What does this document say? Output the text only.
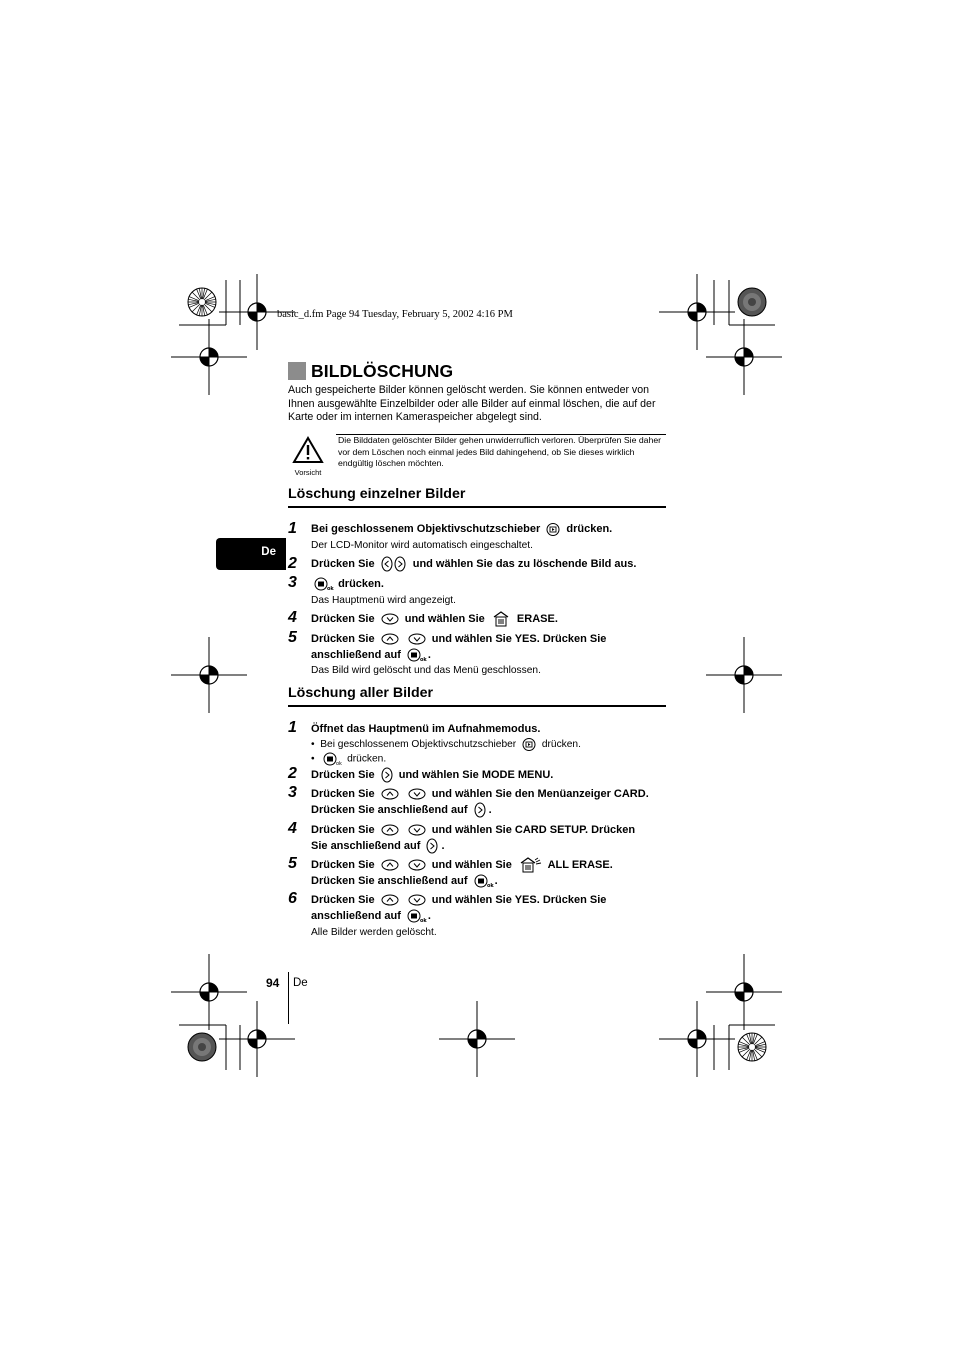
basic_d.fm Page 94 Tuesday, February 5, 2002 4:16 PM
BILDLÖSCHUNG
Auch gespeicherte Bilder können gelöscht werden. Sie können entweder von Ihnen ausgewählte Einzelbilder oder alle Bilder auf einmal löschen, die auf der Karte oder im internen Kameraspeicher abgelegt sind.
Vorsicht
Die Bilddaten gelöschter Bilder gehen unwiderruflich verloren. Überprüfen Sie daher vor dem Löschen noch einmal jedes Bild dahingehend, ob Sie dieses wirklich endgültig löschen möchten.
De
Löschung einzelner Bilder
1 Bei geschlossenem Objektivschutzschieber drücken.
Der LCD-Monitor wird automatisch eingeschaltet.
2 Drücken Sie	und wählen Sie das zu löschende Bild aus.
3	ok drücken.
Das Hauptmenü wird angezeigt.
4 Drücken Sie	und wählen Sie	ERASE.
5 Drücken Sie	und wählen Sie YES. Drücken Sie
anschließend auf	ok .
Das Bild wird gelöscht und das Menü geschlossen.
Löschung aller Bilder
1 Öffnet das Hauptmenü im Aufnahmemodus.
• Bei geschlossenem Objektivschutzschieber	drücken.
•	ok drücken.
2 Drücken Sie und wählen Sie MODE MENU.
3 Drücken Sie	und wählen Sie den Menüanzeiger CARD.
Drücken Sie anschließend auf .
4 Drücken Sie	und wählen Sie CARD SETUP. Drücken
Sie anschließend auf .
5 Drücken Sie	und wählen Sie	ALL ERASE.
Drücken Sie anschließend auf	ok .
6 Drücken Sie	und wählen Sie YES. Drücken Sie
anschließend auf	ok .
Alle Bilder werden gelöscht.
94 De
